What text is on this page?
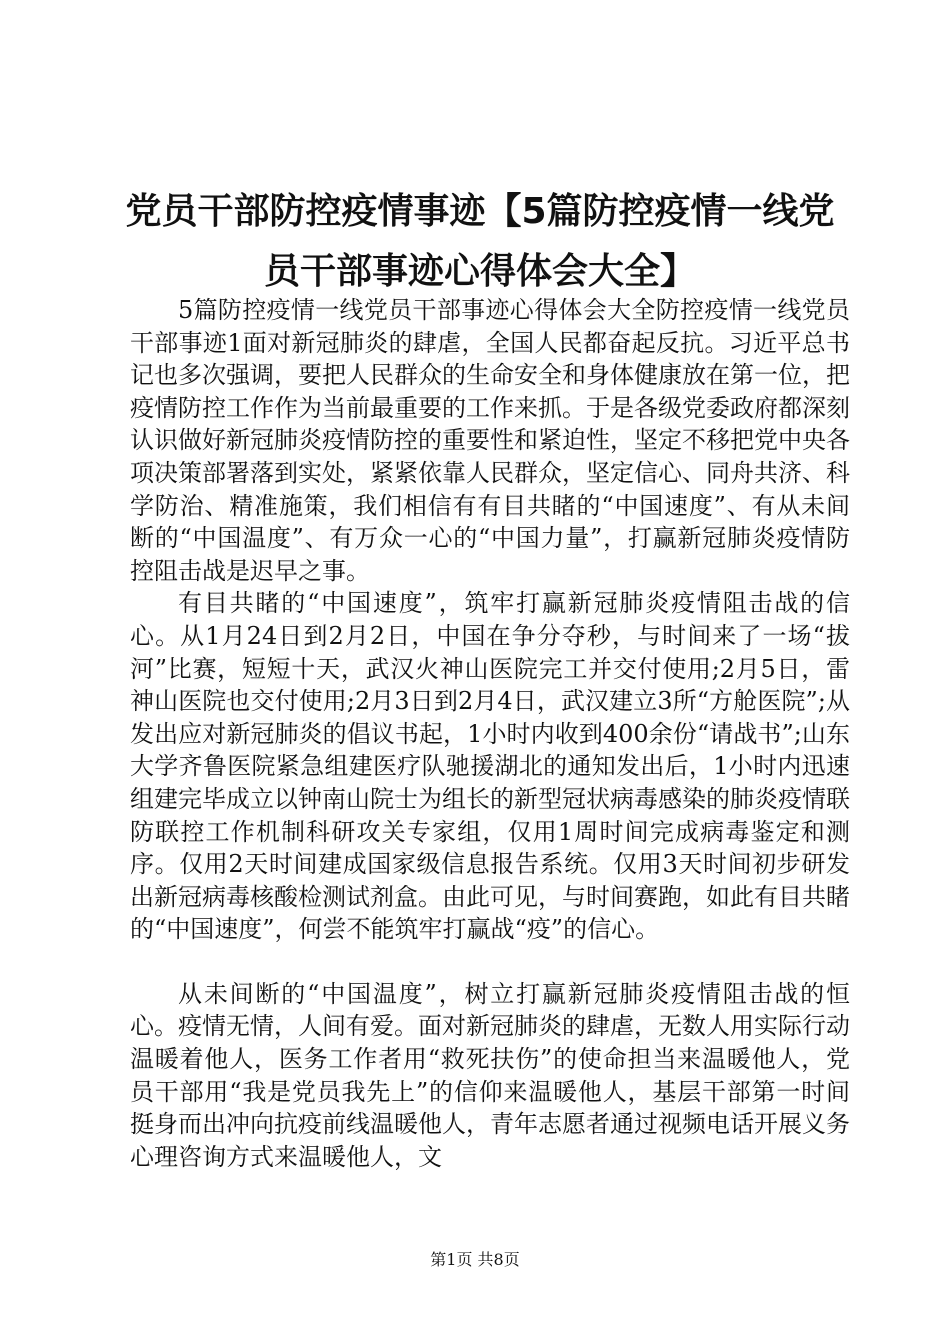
党员干部防控疫情事迹【5篇防控疫情一线党员干部事迹心得体会大全】

5篇防控疫情一线党员干部事迹心得体会大全防控疫情一线党员干部事迹1面对新冠肺炎的肆虐，全国人民都奋起反抗。习近平总书记也多次强调，要把人民群众的生命安全和身体健康放在第一位，把疫情防控工作作为当前最重要的工作来抓。于是各级党委政府都深刻认识做好新冠肺炎疫情防控的重要性和紧迫性，坚定不移把党中央各项决策部署落到实处，紧紧依靠人民群众，坚定信心、同舟共济、科学防治、精准施策，我们相信有有目共睹的“中国速度”、有从未间断的“中国温度”、有万众一心的“中国力量”，打赢新冠肺炎疫情防控阻击战是迟早之事。

有目共睹的“中国速度”，筑牢打赢新冠肺炎疫情阻击战的信心。从1月24日到2月2日，中国在争分夺秒，与时间来了一场“拔河”比赛，短短十天，武汉火神山医院完工并交付使用;2月5日，雷神山医院也交付使用;2月3日到2月4日，武汉建立3所“方舱医院”;从发出应对新冠肺炎的倡议书起，1小时内收到400余份“请战书”;山东大学齐鲁医院紧急组建医疗队驰援湖北的通知发出后，1小时内迅速组建完毕成立以钟南山院士为组长的新型冠状病毒感染的肺炎疫情联防联控工作机制科研攻关专家组，仅用1周时间完成病毒鉴定和测序。仅用2天时间建成国家级信息报告系统。仅用3天时间初步研发出新冠病毒核酸检测试剂盒。由此可见，与时间赛跑，如此有目共睹的“中国速度”，何尝不能筑牢打赢战“疫”的信心。

从未间断的“中国温度”，树立打赢新冠肺炎疫情阻击战的恒心。疫情无情，人间有爱。面对新冠肺炎的肆虐，无数人用实际行动温暖着他人，医务工作者用“救死扶伤”的使命担当来温暖他人，党员干部用“我是党员我先上”的信仰来温暖他人，基层干部第一时间挺身而出冲向抗疫前线温暖他人，青年志愿者通过视频电话开展义务心理咨询方式来温暖他人，文

第1页 共8页
